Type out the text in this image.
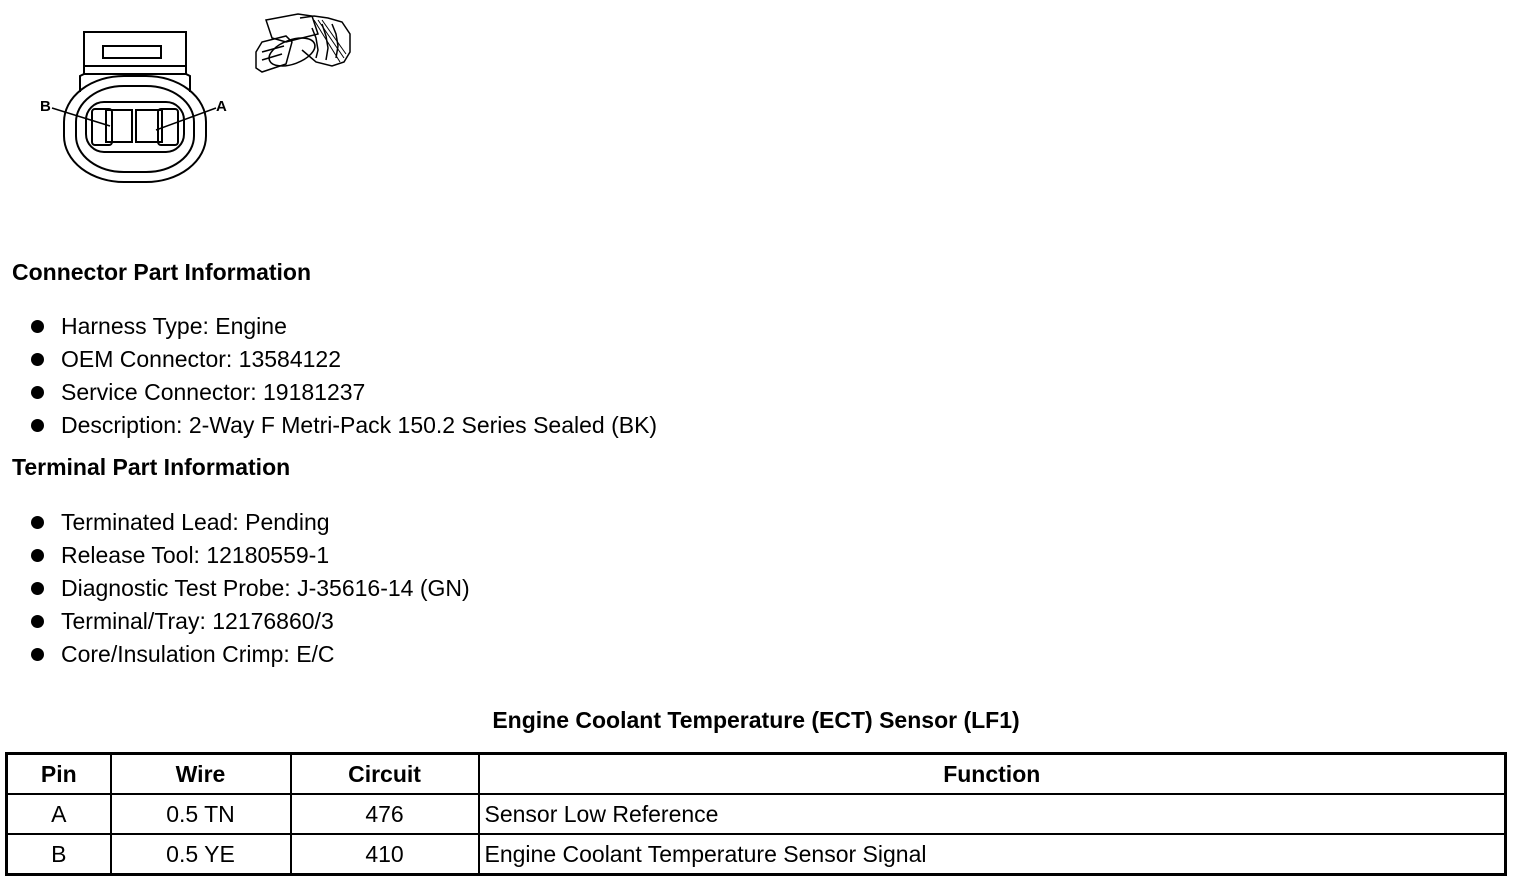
B	A
Connector Part Information
Harness Type: Engine
OEM Connector: 13584122
Service Connector: 19181237
Description: 2-Way F Metri-Pack 150.2 Series Sealed (BK)
Terminal Part Information
Terminated Lead: Pending
Release Tool: 12180559-1
Diagnostic Test Probe: J-35616-14 (GN)
Terminal/Tray: 12176860/3
Core/Insulation Crimp: E/C
Engine Coolant Temperature (ECT) Sensor (LF1)
Pin	Wire	Circuit	Function
A	0.5 TN	476	Sensor Low Reference
B	0.5 YE	410	Engine Coolant Temperature Sensor Signal
